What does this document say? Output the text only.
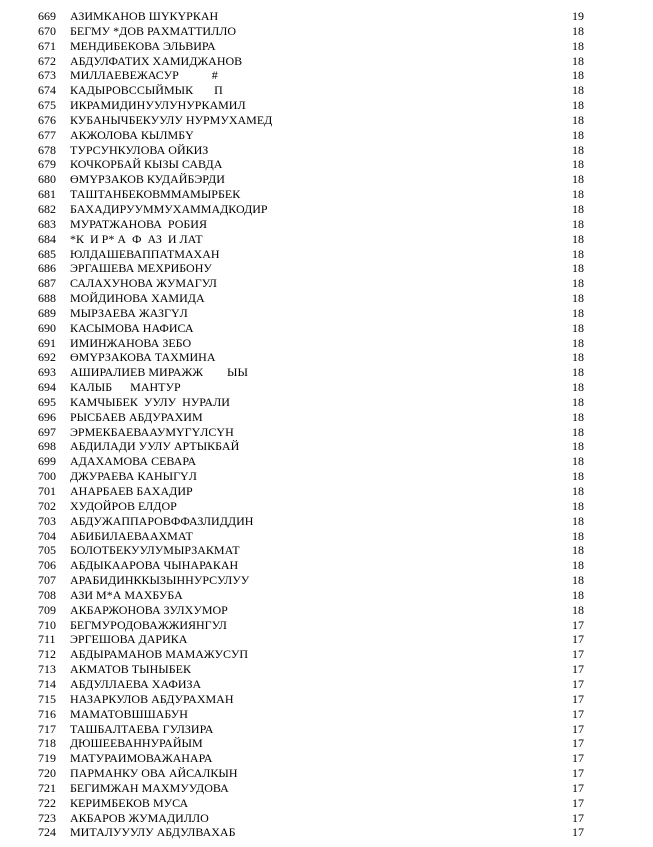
669 АЗИМКАНОВ ШҮКҮРКАН	19
670 БЕГМУ *ДОВ РАХМАТТИЛЛО	18
671 МЕНДИБЕКОВА ЭЛЬВИРА	18
672 АБДУЛФАТИХ ХАМИДЖАНОВ	18
673 МИЛЛАЕВЕЖАСУР           #	18
674 КАДЫРОВССЫЙМЫК       П	18
675 ИКРАМИДИНУУЛУНУРКАМИЛ	18
676 КУБАНЫЧБЕКУУЛУ НУРМУХАМЕД	18
677 АКЖОЛОВА КЫЛМБҮ	18
678 ТУРСУНКУЛОВА ОЙКИЗ	18
679 КОЧКОРБАЙ КЫЗЫ САВДА	18
680 ӨМҮРЗАКОВ КУДАЙБЭРДИ	18
681 ТАШТАНБЕКОВММАМЫРБЕК	18
682 БАХАДИРУУММУХАММАДКОДИР	18
683 МУРАТЖАНОВА  РОБИЯ	18
684 *К  И Р* А  Ф  АЗ  И ЛАТ	18
685 ЮЛДАШЕВАППАТМАХАН	18
686 ЭРГАШЕВА МЕХРИБОНУ	18
687 САЛАХУНОВА ЖУМАГУЛ	18
688 МОЙДИНОВА ХАМИДА	18
689 МЫРЗАЕВА ЖАЗГҮЛ	18
690 КАСЫМОВА НАФИСА	18
691 ИМИНЖАНОВА ЗЕБО	18
692 ӨМҮРЗАКОВА ТАХМИНА	18
693 АШИРАЛИЕВ МИРАЖЖ        ЫЫ	18
694 КАЛЫБ      МАНТУР	18
695 КАМЧЫБЕК  УУЛУ  НУРАЛИ	18
696 РЫСБАЕВ АБДУРАХИМ	18
697 ЭРМЕКБАЕВААУМҮГҮЛСҮН	18
698 АБДИЛАДИ УУЛУ АРТЫКБАЙ	18
699 АДАХАМОВА СЕВАРА	18
700 ДЖУРАЕВА КАНЫГҮЛ	18
701 АНАРБАЕВ БАХАДИР	18
702 ХУДОЙРОВ ЕЛДОР	18
703 АБДУЖАППАРОВФФАЗЛИДДИН	18
704 АБИБИЛАЕВААХМАТ	18
705 БОЛОТБЕКУУЛУМЫРЗАКМАТ	18
706 АБДЫКААРОВА ЧЫНАРАКАН	18
707 АРАБИДИНККЫЗЫННУРСУЛУУ	18
708 АЗИ М*А МАХБУБА	18
709 АКБАРЖОНОВА ЗУЛХУМОР	18
710 БЕГМУРОДОВАЖЖИЯНГУЛ	17
711 ЭРГЕШОВА ДАРИКА	17
712 АБДЫРАМАНОВ МАМАЖУСУП	17
713 АКМАТОВ ТЫНЫБЕК	17
714 АБДУЛЛАЕВА ХАФИЗА	17
715 НАЗАРКУЛОВ АБДУРАХМАН	17
716 МАМАТОВШШАБУН	17
717 ТАШБАЛТАЕВА ГУЛЗИРА	17
718 ДЮШЕЕВАННУРАЙЫМ	17
719 МАТУРАИМОВАЖАНАРА	17
720 ПАРМАНКУ ОВА АЙСАЛКЫН	17
721 БЕГИМЖАН МАХМУУДОВА	17
722 КЕРИМБЕКОВ МУСА	17
723 АКБАРОВ ЖУМАДИЛЛО	17
724 МИТАЛУУУЛУ АБДУЛВАХАБ	17
